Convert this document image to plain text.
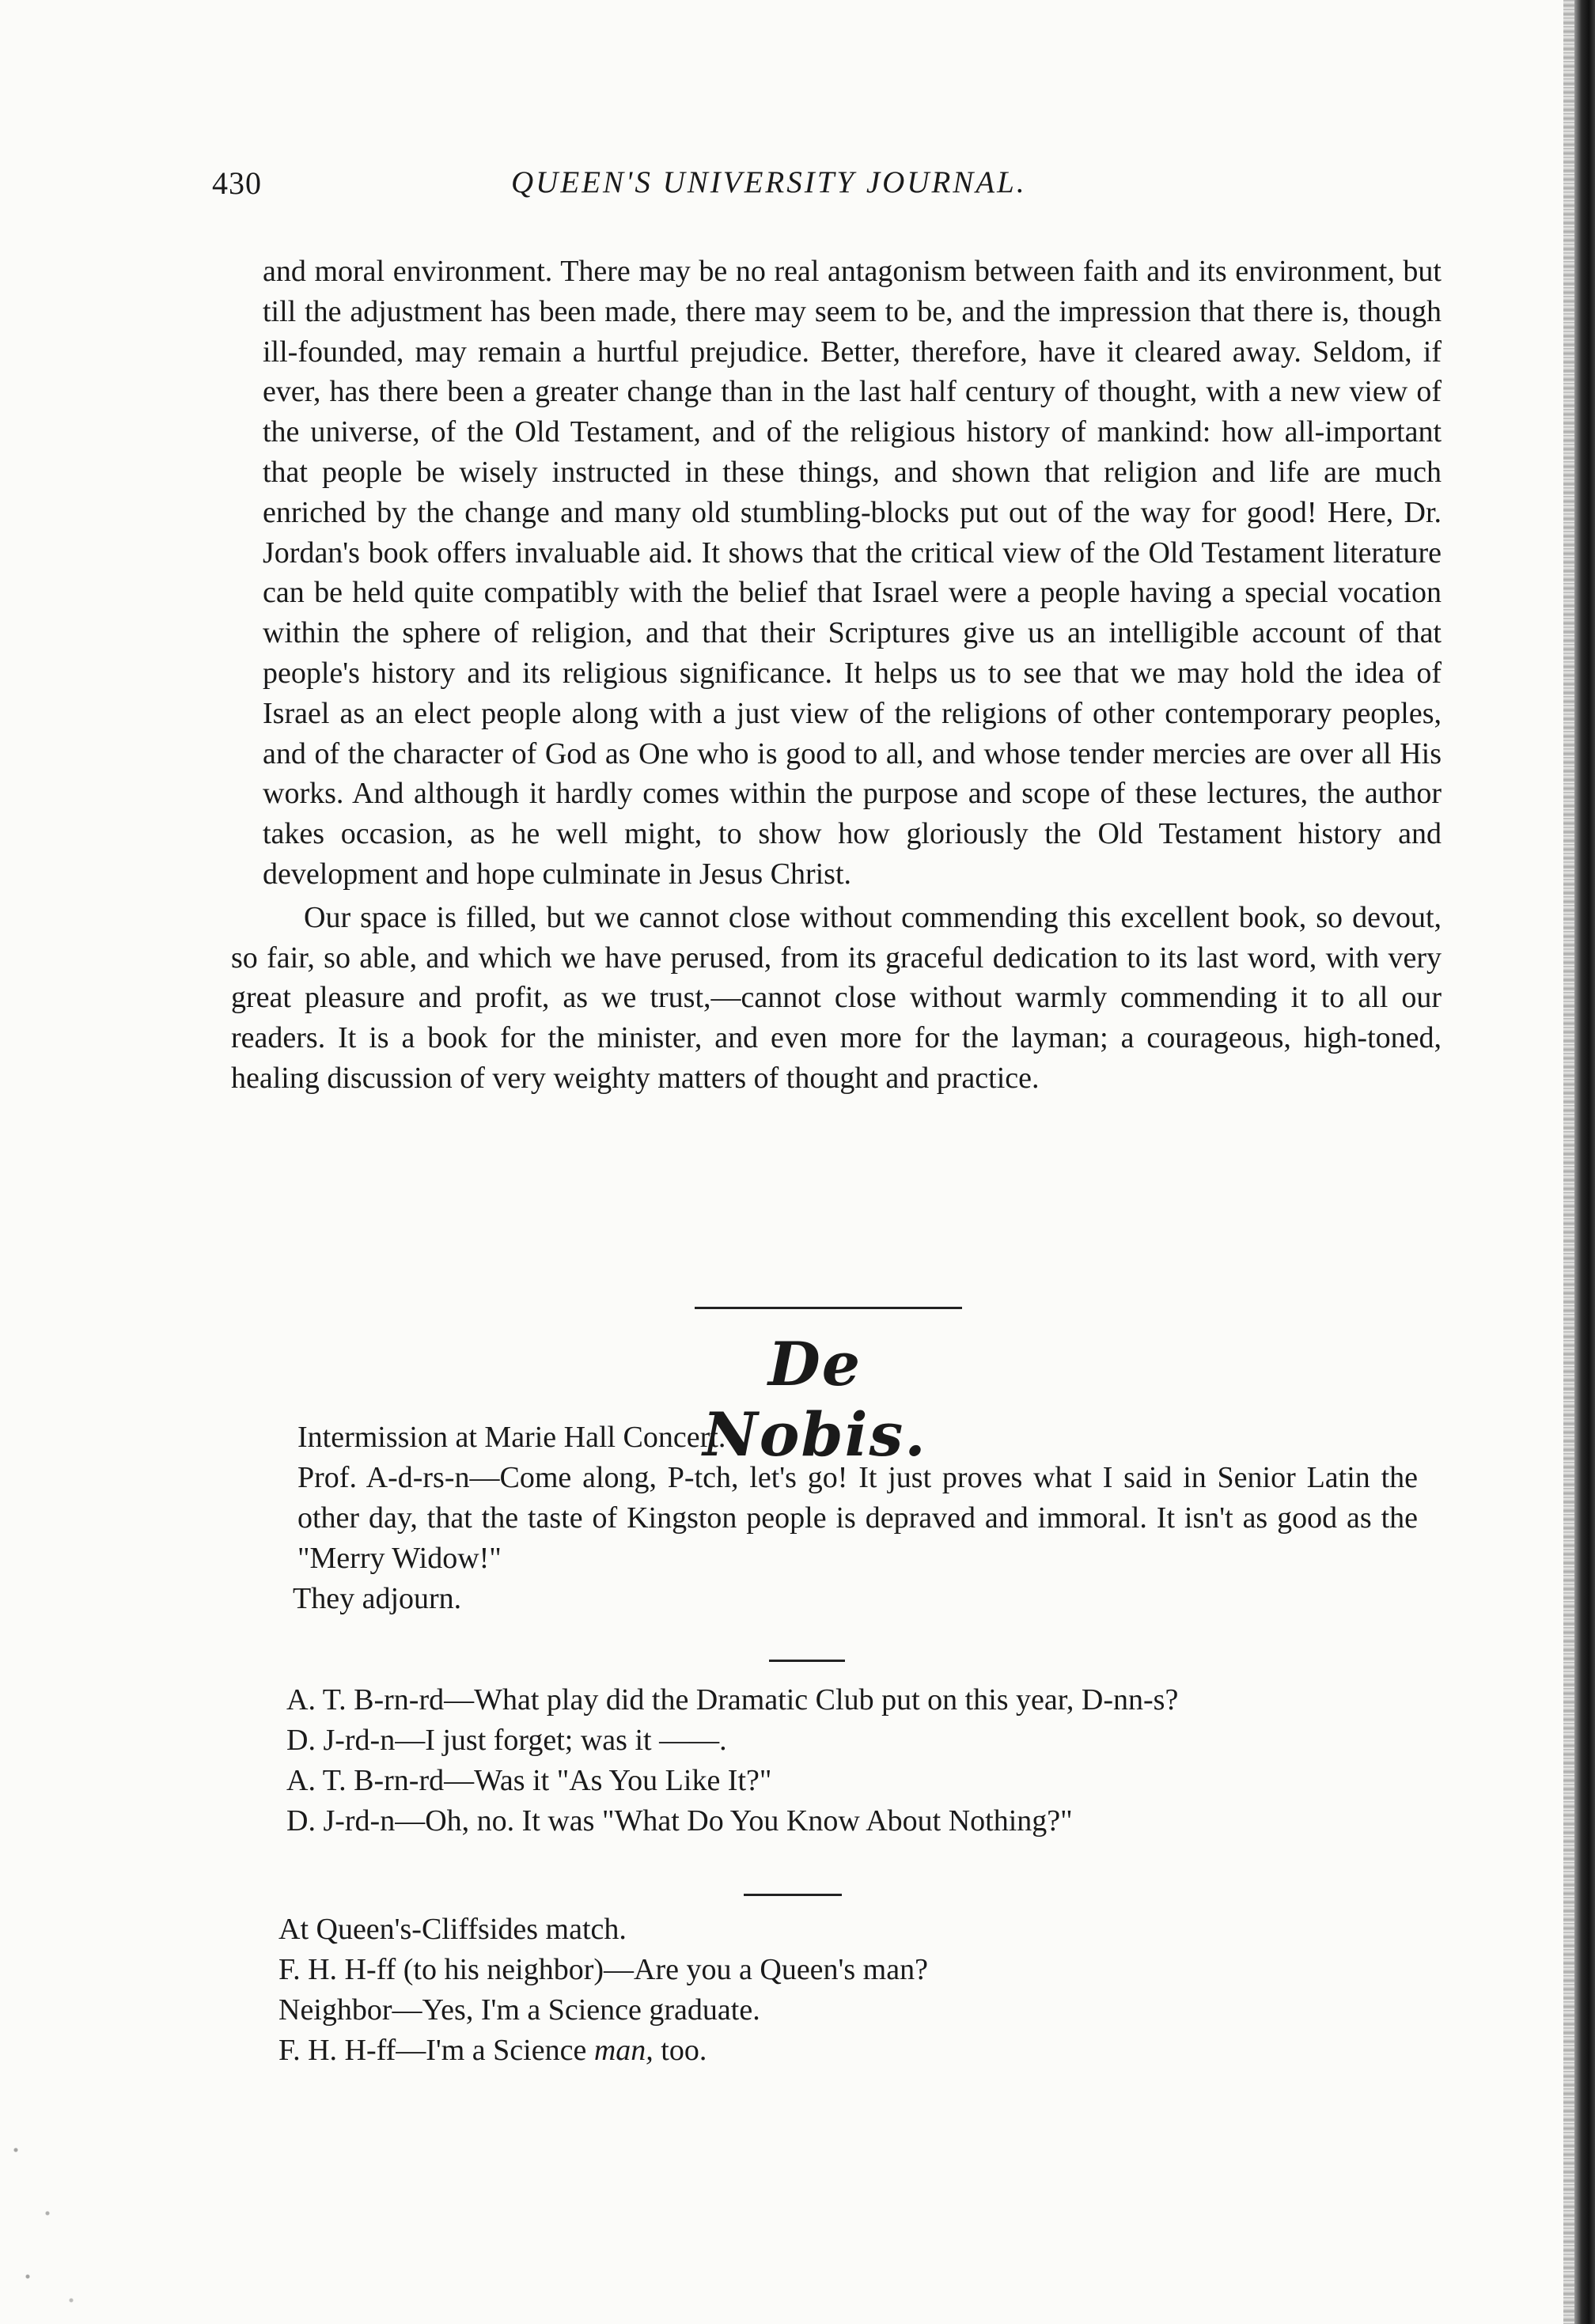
430	QUEEN'S UNIVERSITY JOURNAL.

and moral environment. There may be no real antagonism between faith and its environment, but till the adjustment has been made, there may seem to be, and the impression that there is, though ill-founded, may remain a hurtful prejudice. Better, therefore, have it cleared away. Seldom, if ever, has there been a greater change than in the last half century of thought, with a new view of the universe, of the Old Testament, and of the religious history of mankind: how all-important that people be wisely instructed in these things, and shown that religion and life are much enriched by the change and many old stumbling-blocks put out of the way for good! Here, Dr. Jordan's book offers invaluable aid. It shows that the critical view of the Old Testament literature can be held quite compatibly with the belief that Israel were a people having a special vocation within the sphere of religion, and that their Scriptures give us an intelligible account of that people's history and its religious significance. It helps us to see that we may hold the idea of Israel as an elect people along with a just view of the religions of other contemporary peoples, and of the character of God as One who is good to all, and whose tender mercies are over all His works. And although it hardly comes within the purpose and scope of these lectures, the author takes occasion, as he well might, to show how gloriously the Old Testament history and development and hope culminate in Jesus Christ.

Our space is filled, but we cannot close without commending this excellent book, so devout, so fair, so able, and which we have perused, from its graceful dedication to its last word, with very great pleasure and profit, as we trust,—cannot close without warmly commending it to all our readers. It is a book for the minister, and even more for the layman; a courageous, high-toned, healing discussion of very weighty matters of thought and practice.

De Nobis.

Intermission at Marie Hall Concert.

Prof. A-d-rs-n—Come along, P-tch, let's go! It just proves what I said in Senior Latin the other day, that the taste of Kingston people is depraved and immoral. It isn't as good as the "Merry Widow!"

They adjourn.

A. T. B-rn-rd—What play did the Dramatic Club put on this year, D-nn-s?

D. J-rd-n—I just forget; was it ——.

A. T. B-rn-rd—Was it "As You Like It?"

D. J-rd-n—Oh, no. It was "What Do You Know About Nothing?"

At Queen's-Cliffsides match.

F. H. H-ff (to his neighbor)—Are you a Queen's man?

Neighbor—Yes, I'm a Science graduate.

F. H. H-ff—I'm a Science man, too.
